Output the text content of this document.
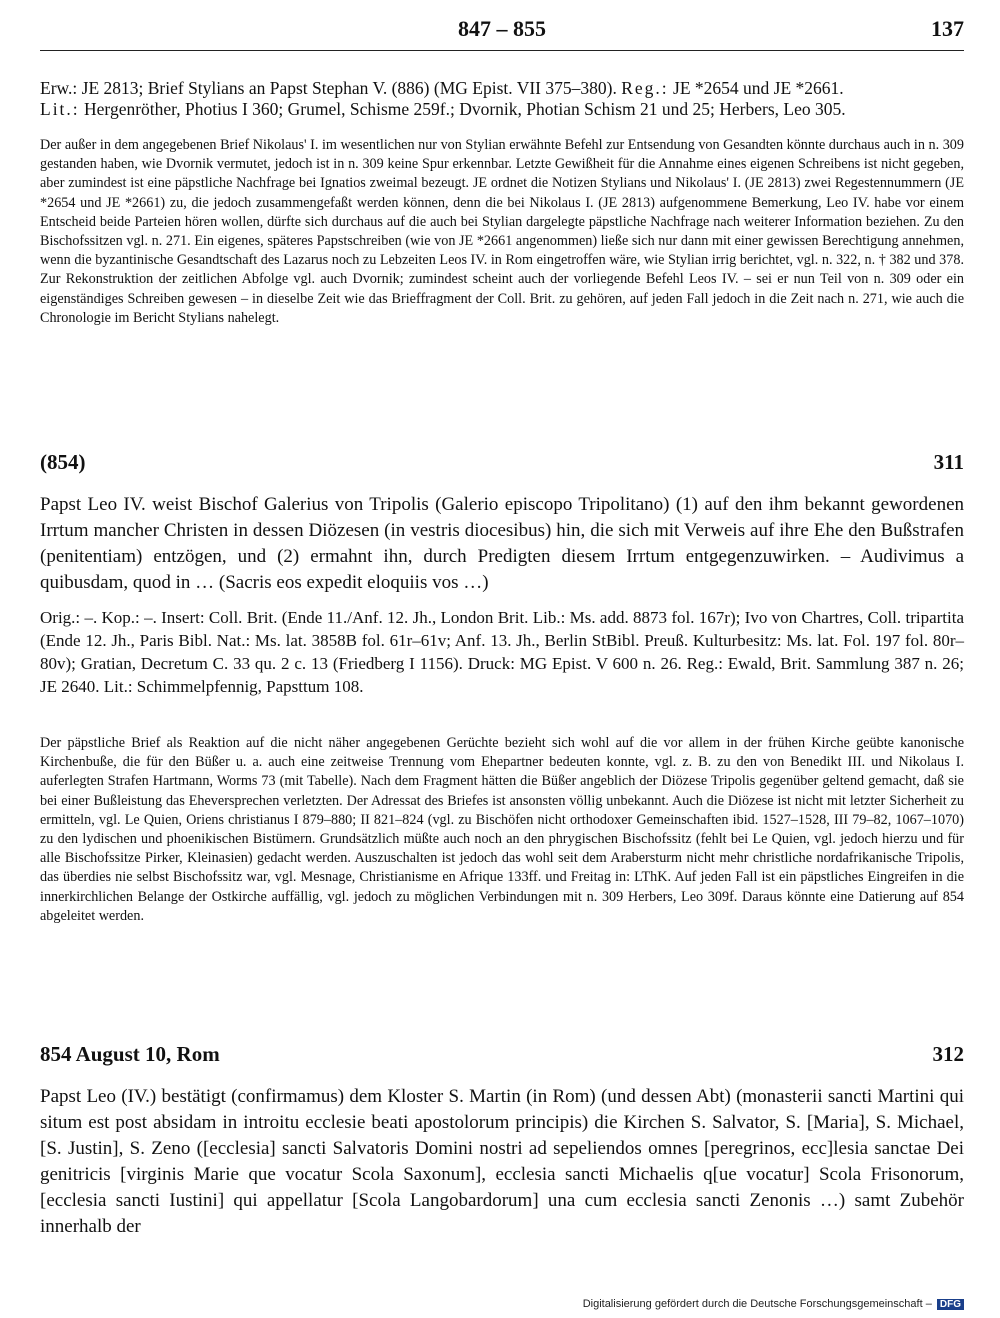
847 – 855	137
Erw.: JE 2813; Brief Stylians an Papst Stephan V. (886) (MG Epist. VII 375–380). Reg.: JE *2654 und JE *2661.
Lit.: Hergenröther, Photius I 360; Grumel, Schisme 259f.; Dvornik, Photian Schism 21 und 25; Herbers, Leo 305.
Der außer in dem angegebenen Brief Nikolaus' I. im wesentlichen nur von Stylian erwähnte Befehl zur Entsendung von Gesandten könnte durchaus auch in n. 309 gestanden haben, wie Dvornik vermutet, jedoch ist in n. 309 keine Spur erkennbar. Letzte Gewißheit für die Annahme eines eigenen Schreibens ist nicht gegeben, aber zumindest ist eine päpstliche Nachfrage bei Ignatios zweimal bezeugt. JE ordnet die Notizen Stylians und Nikolaus' I. (JE 2813) zwei Regestennummern (JE *2654 und JE *2661) zu, die jedoch zusammengefaßt werden können, denn die bei Nikolaus I. (JE 2813) aufgenommene Bemerkung, Leo IV. habe vor einem Entscheid beide Parteien hören wollen, dürfte sich durchaus auf die auch bei Stylian dargelegte päpstliche Nachfrage nach weiterer Information beziehen. Zu den Bischofssitzen vgl. n. 271. Ein eigenes, späteres Papstschreiben (wie von JE *2661 angenommen) ließe sich nur dann mit einer gewissen Berechtigung annehmen, wenn die byzantinische Gesandtschaft des Lazarus noch zu Lebzeiten Leos IV. in Rom eingetroffen wäre, wie Stylian irrig berichtet, vgl. n. 322, n. † 382 und 378. Zur Rekonstruktion der zeitlichen Abfolge vgl. auch Dvornik; zumindest scheint auch der vorliegende Befehl Leos IV. – sei er nun Teil von n. 309 oder ein eigenständiges Schreiben gewesen – in dieselbe Zeit wie das Brieffragment der Coll. Brit. zu gehören, auf jeden Fall jedoch in die Zeit nach n. 271, wie auch die Chronologie im Bericht Stylians nahelegt.
(854)	311
Papst Leo IV. weist Bischof Galerius von Tripolis (Galerio episcopo Tripolitano) (1) auf den ihm bekannt gewordenen Irrtum mancher Christen in dessen Diözesen (in vestris diocesibus) hin, die sich mit Verweis auf ihre Ehe den Bußstrafen (penitentiam) entzögen, und (2) ermahnt ihn, durch Predigten diesem Irrtum entgegenzuwirken. – Audivimus a quibusdam, quod in … (Sacris eos expedit eloquiis vos …)
Orig.: –. Kop.: –. Insert: Coll. Brit. (Ende 11./Anf. 12. Jh., London Brit. Lib.: Ms. add. 8873 fol. 167r); Ivo von Chartres, Coll. tripartita (Ende 12. Jh., Paris Bibl. Nat.: Ms. lat. 3858B fol. 61r–61v; Anf. 13. Jh., Berlin StBibl. Preuß. Kulturbesitz: Ms. lat. Fol. 197 fol. 80r–80v); Gratian, Decretum C. 33 qu. 2 c. 13 (Friedberg I 1156). Druck: MG Epist. V 600 n. 26. Reg.: Ewald, Brit. Sammlung 387 n. 26; JE 2640. Lit.: Schimmelpfennig, Papsttum 108.
Der päpstliche Brief als Reaktion auf die nicht näher angegebenen Gerüchte bezieht sich wohl auf die vor allem in der frühen Kirche geübte kanonische Kirchenbuße, die für den Büßer u. a. auch eine zeitweise Trennung vom Ehepartner bedeuten konnte, vgl. z. B. zu den von Benedikt III. und Nikolaus I. auferlegten Strafen Hartmann, Worms 73 (mit Tabelle). Nach dem Fragment hätten die Büßer angeblich der Diözese Tripolis gegenüber geltend gemacht, daß sie bei einer Bußleistung das Eheversprechen verletzten. Der Adressat des Briefes ist ansonsten völlig unbekannt. Auch die Diözese ist nicht mit letzter Sicherheit zu ermitteln, vgl. Le Quien, Oriens christianus I 879–880; II 821–824 (vgl. zu Bischöfen nicht orthodoxer Gemeinschaften ibid. 1527–1528, III 79–82, 1067–1070) zu den lydischen und phoenikischen Bistümern. Grundsätzlich müßte auch noch an den phrygischen Bischofssitz (fehlt bei Le Quien, vgl. jedoch hierzu und für alle Bischofssitze Pirker, Kleinasien) gedacht werden. Auszuschalten ist jedoch das wohl seit dem Arabersturm nicht mehr christliche nordafrikanische Tripolis, das überdies nie selbst Bischofssitz war, vgl. Mesnage, Christianisme en Afrique 133ff. und Freitag in: LThK. Auf jeden Fall ist ein päpstliches Eingreifen in die innerkirchlichen Belange der Ostkirche auffällig, vgl. jedoch zu möglichen Verbindungen mit n. 309 Herbers, Leo 309f. Daraus könnte eine Datierung auf 854 abgeleitet werden.
854 August 10, Rom	312
Papst Leo (IV.) bestätigt (confirmamus) dem Kloster S. Martin (in Rom) (und dessen Abt) (monasterii sancti Martini qui situm est post absidam in introitu ecclesie beati apostolorum principis) die Kirchen S. Salvator, S. [Maria], S. Michael, [S. Justin], S. Zeno ([ecclesia] sancti Salvatoris Domini nostri ad sepeliendos omnes [peregrinos, ecc]lesia sanctae Dei genitricis [virginis Marie que vocatur Scola Saxonum], ecclesia sancti Michaelis q[ue vocatur] Scola Frisonorum, [ecclesia sancti Iustini] qui appellatur [Scola Langobardorum] una cum ecclesia sancti Zenonis …) samt Zubehör innerhalb der
Digitalisierung gefördert durch die Deutsche Forschungsgemeinschaft – DFG
